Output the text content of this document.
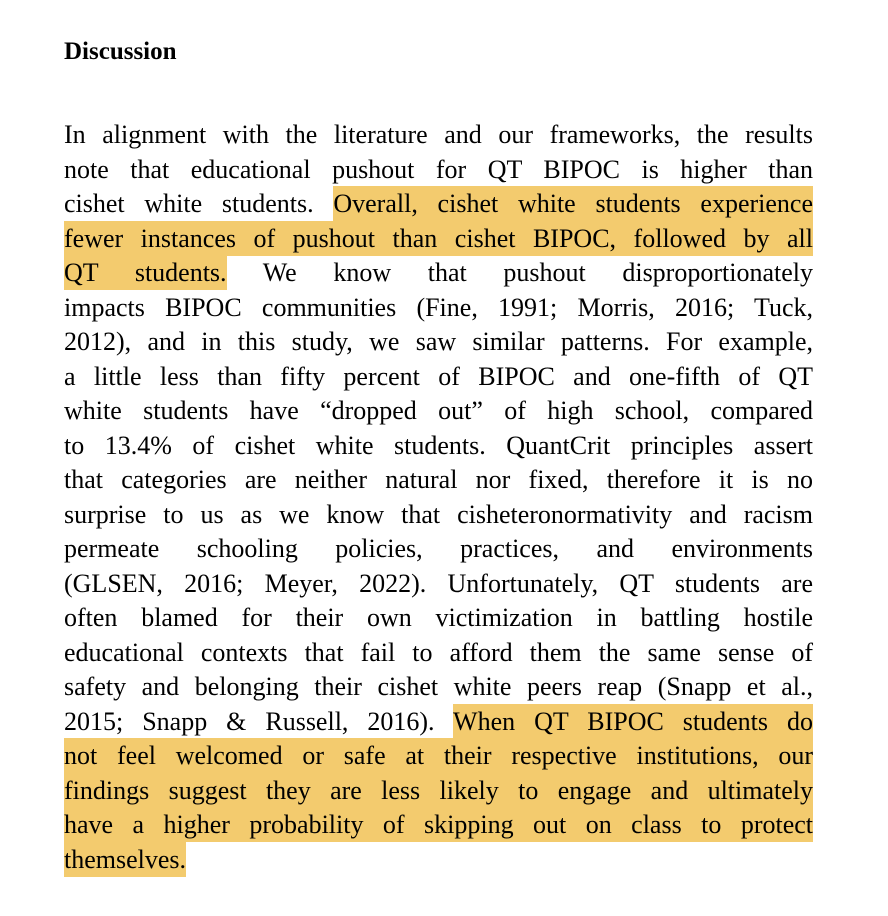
Discussion
In alignment with the literature and our frameworks, the results
note that educational pushout for QT BIPOC is higher than
cishet white students. Overall, cishet white students experience
fewer instances of pushout than cishet BIPOC, followed by all
QT students. We know that pushout disproportionately
impacts BIPOC communities (Fine, 1991; Morris, 2016; Tuck,
2012), and in this study, we saw similar patterns. For example,
a little less than fifty percent of BIPOC and one-fifth of QT
white students have “dropped out” of high school, compared
to 13.4% of cishet white students. QuantCrit principles assert
that categories are neither natural nor fixed, therefore it is no
surprise to us as we know that cisheteronormativity and racism
permeate schooling policies, practices, and environments
(GLSEN, 2016; Meyer, 2022). Unfortunately, QT students are
often blamed for their own victimization in battling hostile
educational contexts that fail to afford them the same sense of
safety and belonging their cishet white peers reap (Snapp et al.,
2015; Snapp & Russell, 2016). When QT BIPOC students do
not feel welcomed or safe at their respective institutions, our
findings suggest they are less likely to engage and ultimately
have a higher probability of skipping out on class to protect
themselves.
